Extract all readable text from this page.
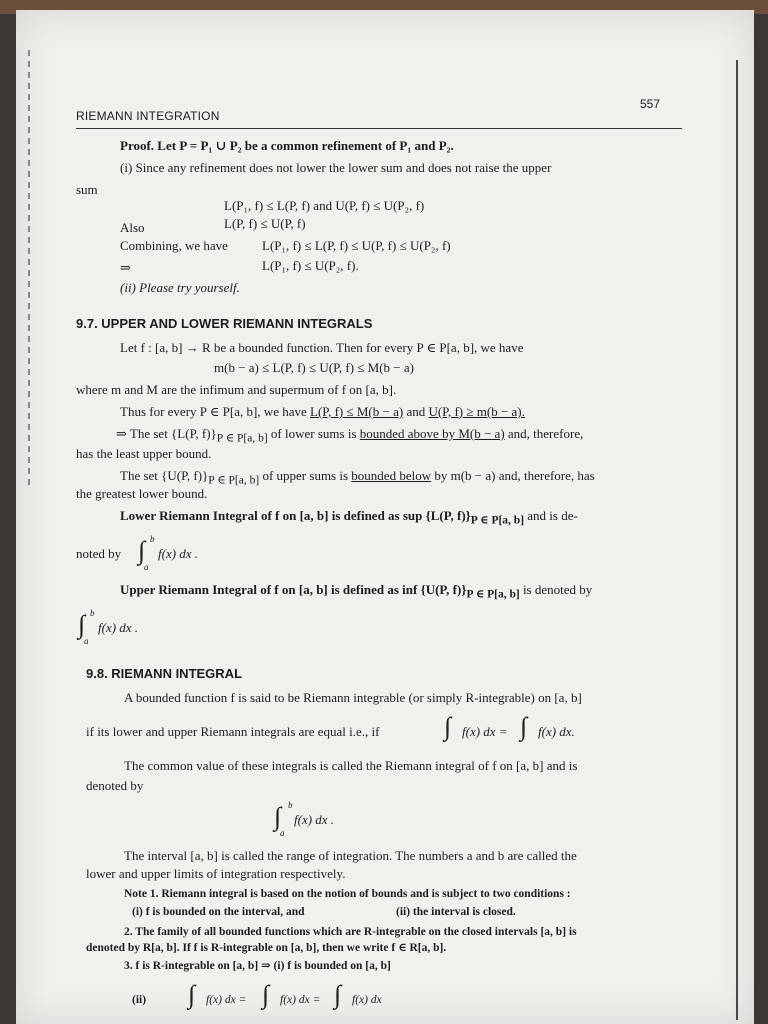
RIEMANN INTEGRATION
557
Proof. Let P = P₁ ∪ P₂ be a common refinement of P₁ and P₂.
(i) Since any refinement does not lower the lower sum and does not raise the upper
sum
L(P₁, f) ≤ L(P, f) and U(P, f) ≤ U(P₂, f)
Also	L(P, f) ≤ U(P, f)
Combining, we have	L(P₁, f) ≤ L(P, f) ≤ U(P, f) ≤ U(P₂, f)
⇒	L(P₁, f) ≤ U(P₂, f).
(ii) Please try yourself.
9.7. UPPER AND LOWER RIEMANN INTEGRALS
Let f : [a, b] → R be a bounded function. Then for every P ∈ P[a, b], we have
m(b − a) ≤ L(P, f) ≤ U(P, f) ≤ M(b − a)
where m and M are the infimum and supermum of f on [a, b].
Thus for every P ∈ P[a, b], we have L(P, f) ≤ M(b − a) and U(P, f) ≥ m(b − a).
⇒ The set {L(P, $f)\}_{P \in P[a, b]}$ of lower sums is bounded above by M(b − a) and, therefore,
has the least upper bound.
The set {U(P, $f)\}_{P \in P[a, b]}$ of upper sums is bounded below by m(b − a) and, therefore, has
the greatest lower bound.
Lower Riemann Integral of f on [a, b] is defined as sup {L(P, $f)\}_{P \in P[a, b]}$ and is de-
noted by ∫ b
a
f(x) dx .
Upper Riemann Integral of f on [a, b] is defined as inf {U(P, $f)\}_{P \in P[a, b]}$ is denoted by
∫ b
a
f(x) dx .
9.8. RIEMANN INTEGRAL
A bounded function f is said to be Riemann integrable (or simply R-integrable) on [a, b]
if its lower and upper Riemann integrals are equal i.e., if ∫ f(x) dx = ∫ f(x) dx.
The common value of these integrals is called the Riemann integral of f on [a, b] and is
denoted by
∫ b
a
f(x) dx .
The interval [a, b] is called the range of integration. The numbers a and b are called the
lower and upper limits of integration respectively.
Note 1. Riemann integral is based on the notion of bounds and is subject to two conditions :
(i) f is bounded on the interval, and	(ii) the interval is closed.
2. The family of all bounded functions which are R-integrable on the closed intervals [a, b] is
denoted by R[a, b]. If f is R-integrable on [a, b], then we write f ∈ R[a, b].
3. f is R-integrable on [a, b] ⇒ (i) f is bounded on [a, b]
(ii) ∫ f(x) dx = ∫ f(x) dx = ∫ f(x) dx
